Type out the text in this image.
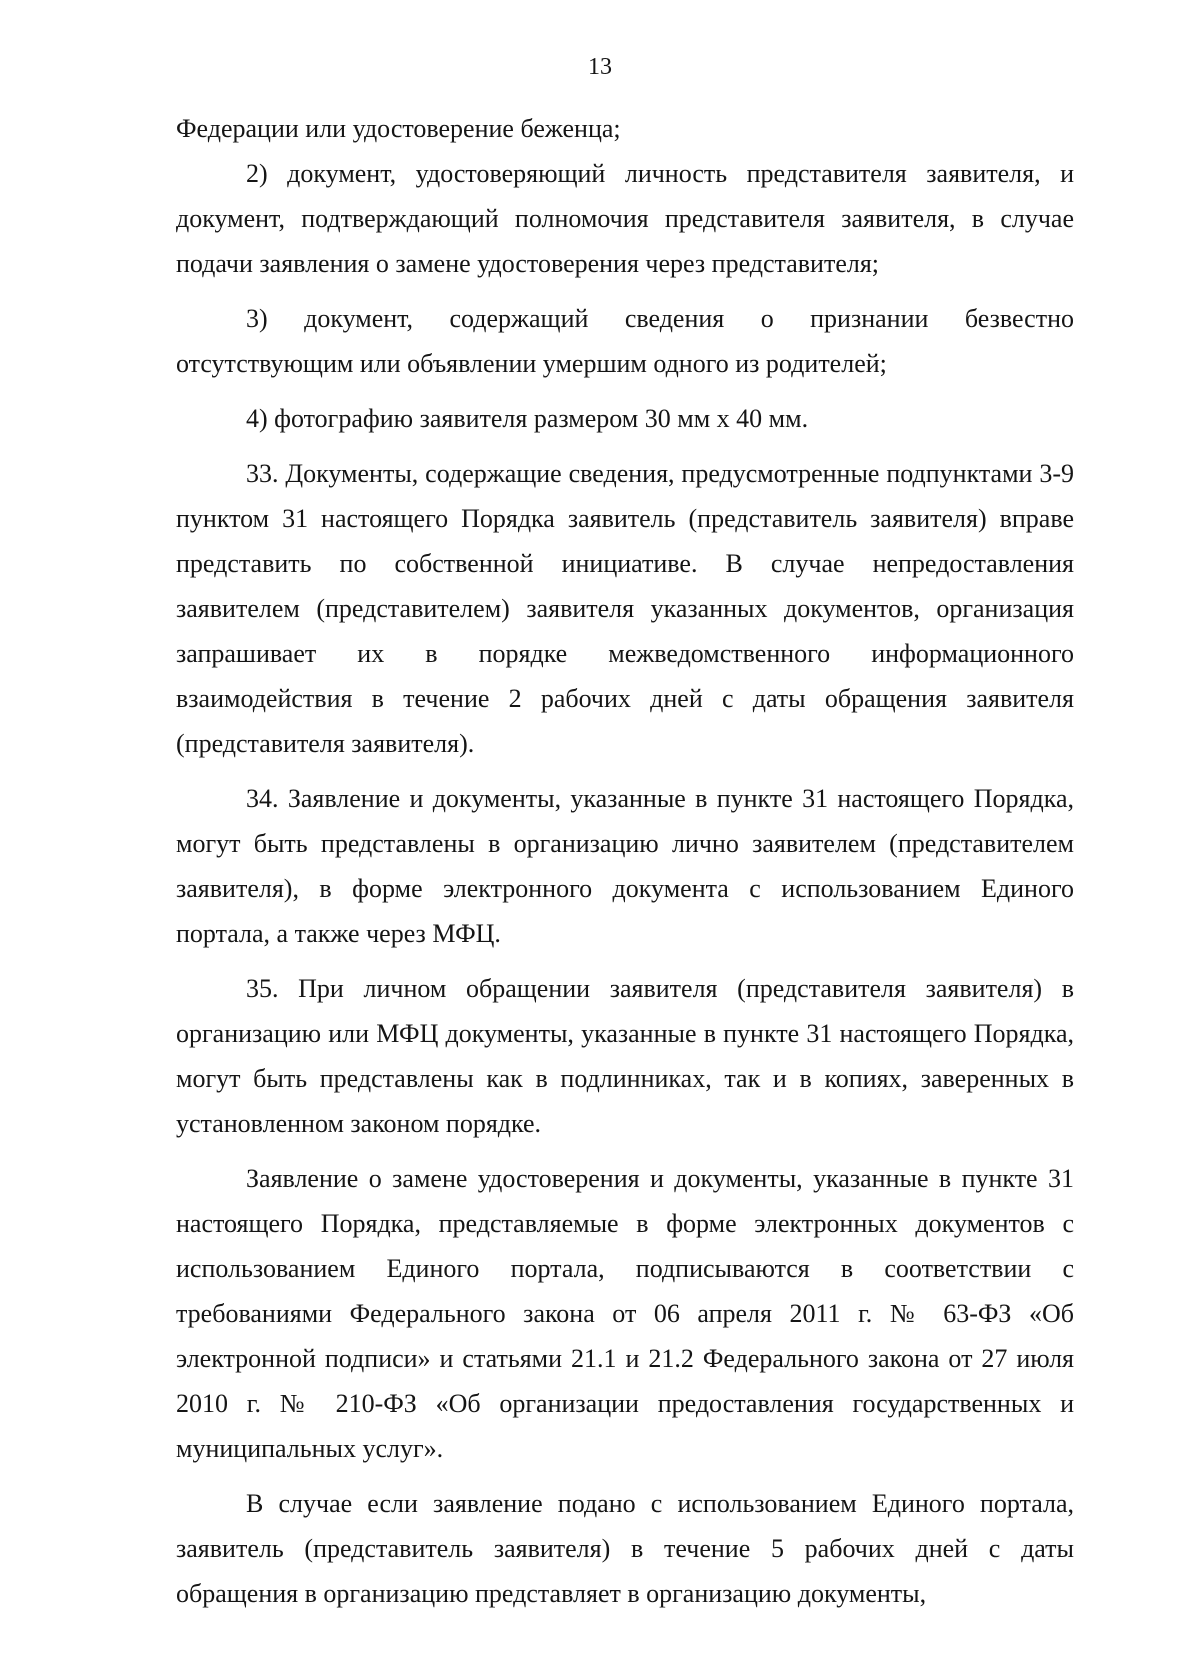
13

Федерации или удостоверение беженца;

2) документ, удостоверяющий личность представителя заявителя, и документ, подтверждающий полномочия представителя заявителя, в случае подачи заявления о замене удостоверения через представителя;

3) документ, содержащий сведения о признании безвестно отсутствующим или объявлении умершим одного из родителей;

4) фотографию заявителя размером 30 мм х 40 мм.

33. Документы, содержащие сведения, предусмотренные подпунктами 3-9 пунктом 31 настоящего Порядка заявитель (представитель заявителя) вправе представить по собственной инициативе. В случае непредоставления заявителем (представителем) заявителя указанных документов, организация запрашивает их в порядке межведомственного информационного взаимодействия в течение 2 рабочих дней с даты обращения заявителя (представителя заявителя).

34. Заявление и документы, указанные в пункте 31 настоящего Порядка, могут быть представлены в организацию лично заявителем (представителем заявителя), в форме электронного документа с использованием Единого портала, а также через МФЦ.

35. При личном обращении заявителя (представителя заявителя) в организацию или МФЦ документы, указанные в пункте 31 настоящего Порядка, могут быть представлены как в подлинниках, так и в копиях, заверенных в установленном законом порядке.

Заявление о замене удостоверения и документы, указанные в пункте 31 настоящего Порядка, представляемые в форме электронных документов с использованием Единого портала, подписываются в соответствии с требованиями Федерального закона от 06 апреля 2011 г. № 63-ФЗ «Об электронной подписи» и статьями 21.1 и 21.2 Федерального закона от 27 июля 2010 г. № 210-ФЗ «Об организации предоставления государственных и муниципальных услуг».

В случае если заявление подано с использованием Единого портала, заявитель (представитель заявителя) в течение 5 рабочих дней с даты обращения в организацию представляет в организацию документы,
